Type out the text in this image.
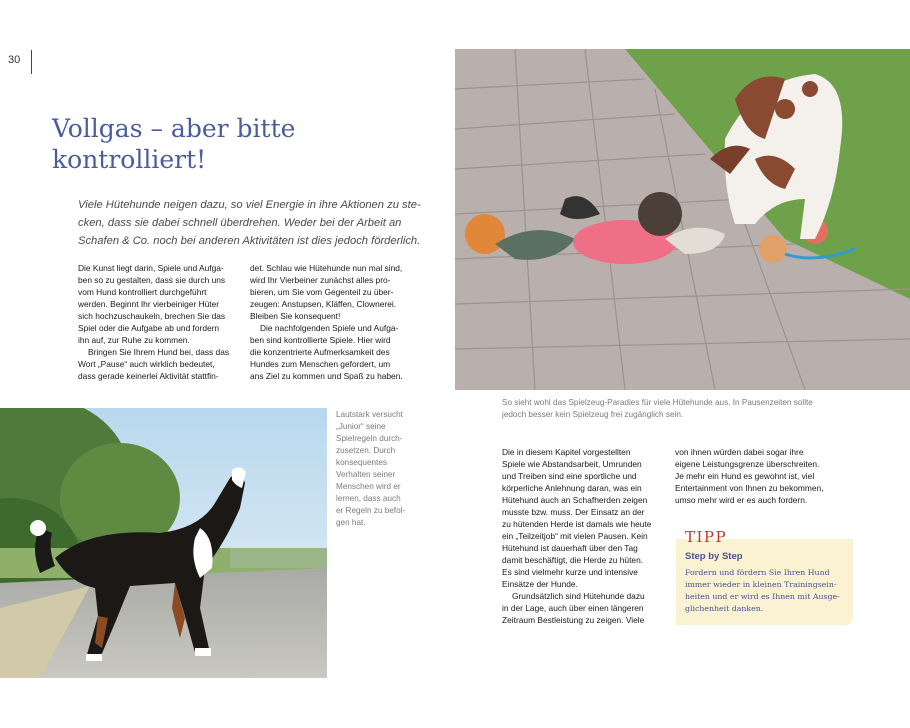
30
Vollgas – aber bitte
kontrolliert!

Viele Hütehunde neigen dazu, so viel Energie in ihre Aktionen zu ste- cken, dass sie dabei schnell überdrehen. Weder bei der Arbeit an Schafen & Co. noch bei anderen Aktivitäten ist dies jedoch förderlich.

Die Kunst liegt darin, Spiele und Aufga-
ben so zu gestalten, dass sie durch uns
vom Hund kontrolliert durchgeführt
werden. Beginnt Ihr vierbeiniger Hüter
sich hochzuschaukeln, brechen Sie das
Spiel oder die Aufgabe ab und fordern
ihn auf, zur Ruhe zu kommen.
Bringen Sie Ihrem Hund bei, dass das
Wort „Pause“ auch wirklich bedeutet,
dass gerade keinerlei Aktivität stattfin-
det. Schlau wie Hütehunde nun mal sind,
wird Ihr Vierbeiner zunächst alles pro-
bieren, um Sie vom Gegenteil zu über-
zeugen: Anstupsen, Kläffen, Clownerei.
Bleiben Sie konsequent!
Die nachfolgenden Spiele und Aufga-
ben sind kontrollierte Spiele. Hier wird
die konzentrierte Aufmerksamkeit des
Hundes zum Menschen gefordert, um
ans Ziel zu kommen und Spaß zu haben.
Lautstark versucht
„Junior“ seine
Spielregeln durch-
zusetzen. Durch
konsequentes
Verhalten seiner
Menschen wird er
lernen, dass auch
er Regeln zu befol-
gen hat.
So sieht wohl das Spielzeug-Paradies für viele Hütehunde aus. In Pausenzeiten sollte
jedoch besser kein Spielzeug frei zugänglich sein.
Die in diesem Kapitel vorgestellten
Spiele wie Abstandsarbeit, Umrunden
und Treiben sind eine sportliche und
körperliche Anlehnung daran, was ein
Hütehund auch an Schafherden zeigen
musste bzw. muss. Der Einsatz an der
zu hütenden Herde ist damals wie heute
ein „Teilzeitjob“ mit vielen Pausen. Kein
Hütehund ist dauerhaft über den Tag
damit beschäftigt, die Herde zu hüten.
Es sind vielmehr kurze und intensive
Einsätze der Hunde.
Grundsätzlich sind Hütehunde dazu
in der Lage, auch über einen längeren
Zeitraum Bestleistung zu zeigen. Viele
von ihnen würden dabei sogar ihre
eigene Leistungsgrenze überschreiten.
Je mehr ein Hund es gewohnt ist, viel
Entertainment von Ihnen zu bekommen,
umso mehr wird er es auch fordern.
TIPP
Step by Step

Fordern und fördern Sie Ihren Hund
immer wieder in kleinen Trainingsein-
heiten und er wird es Ihnen mit Ausge-
glichenheit danken.
